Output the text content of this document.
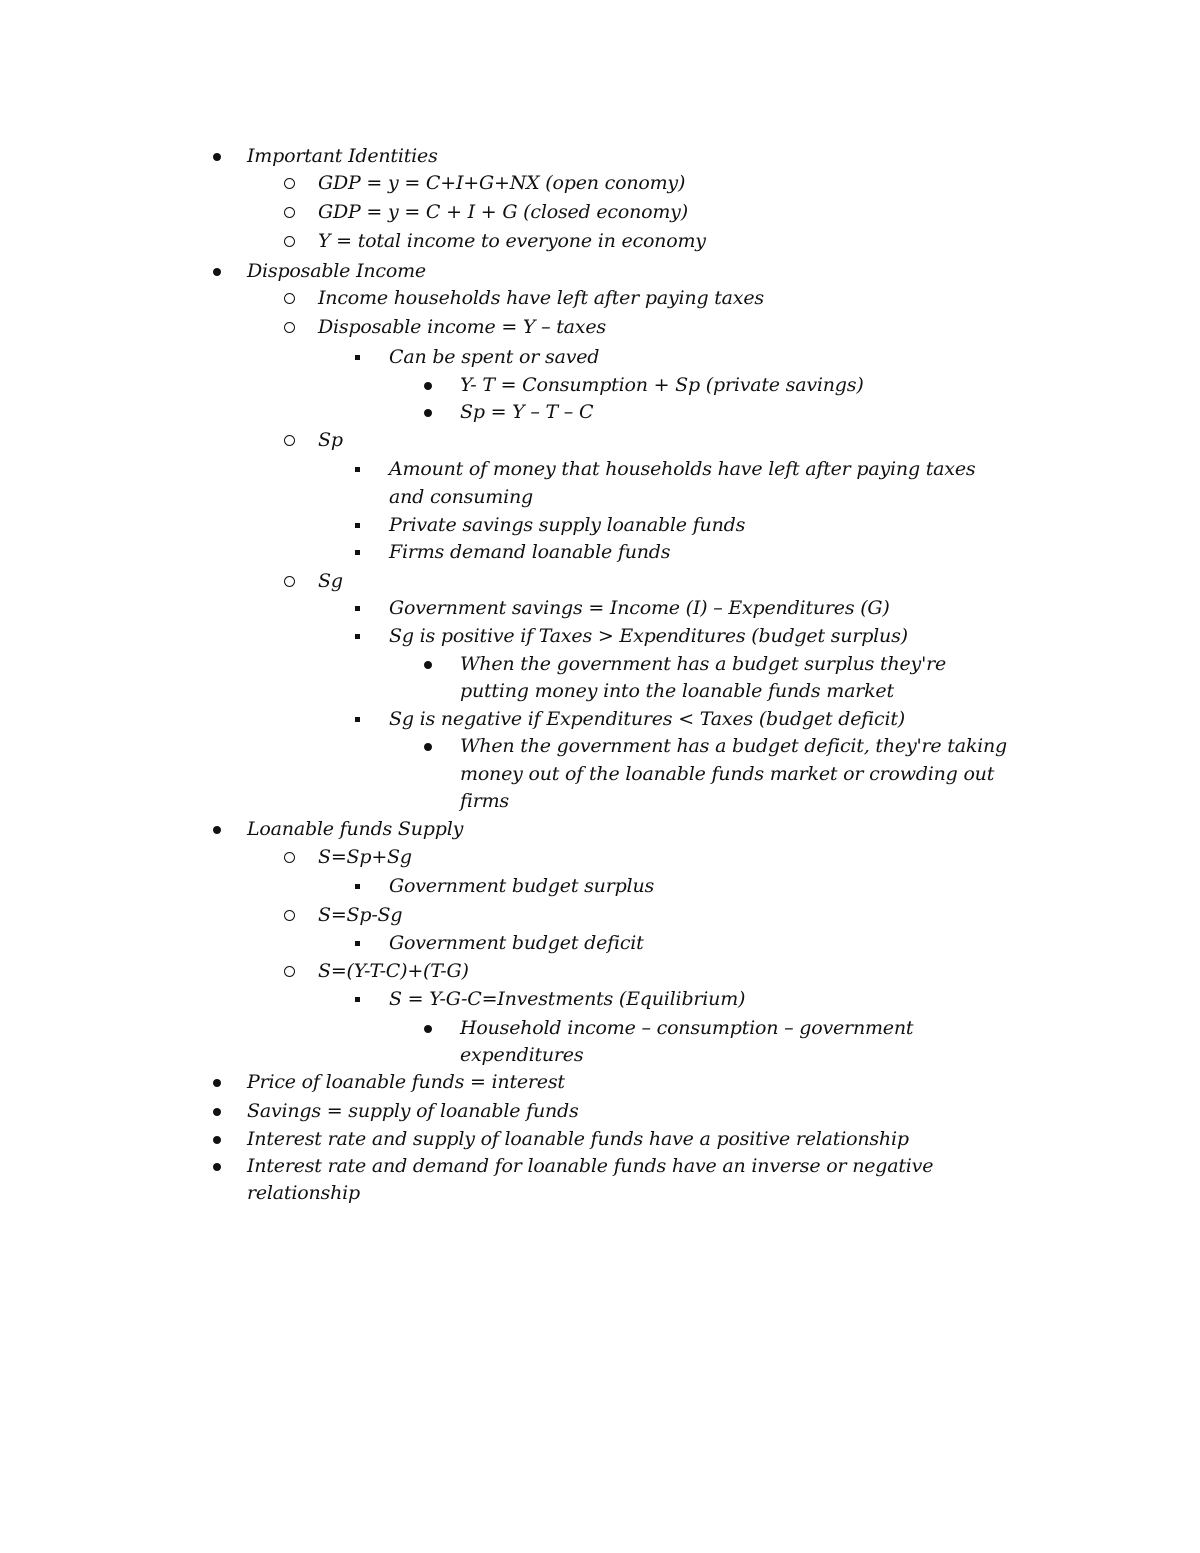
Important Identities
GDP = y = C+I+G+NX (open conomy)
GDP = y = C + I + G (closed economy)
Y = total income to everyone in economy
Disposable Income
Income households have left after paying taxes
Disposable income = Y – taxes
Can be spent or saved
Y- T = Consumption + Sp (private savings)
Sp = Y – T – C
Sp
Amount of money that households have left after paying taxes
and consuming
Private savings supply loanable funds
Firms demand loanable funds
Sg
Government savings = Income (I) – Expenditures (G)
Sg is positive if Taxes > Expenditures (budget surplus)
When the government has a budget surplus they're
putting money into the loanable funds market
Sg is negative if Expenditures < Taxes (budget deficit)
When the government has a budget deficit, they're taking
money out of the loanable funds market or crowding out
firms
Loanable funds Supply
S=Sp+Sg
Government budget surplus
S=Sp-Sg
Government budget deficit
S=(Y-T-C)+(T-G)
S = Y-G-C=Investments (Equilibrium)
Household income – consumption – government
expenditures
Price of loanable funds = interest
Savings = supply of loanable funds
Interest rate and supply of loanable funds have a positive relationship
Interest rate and demand for loanable funds have an inverse or negative
relationship
